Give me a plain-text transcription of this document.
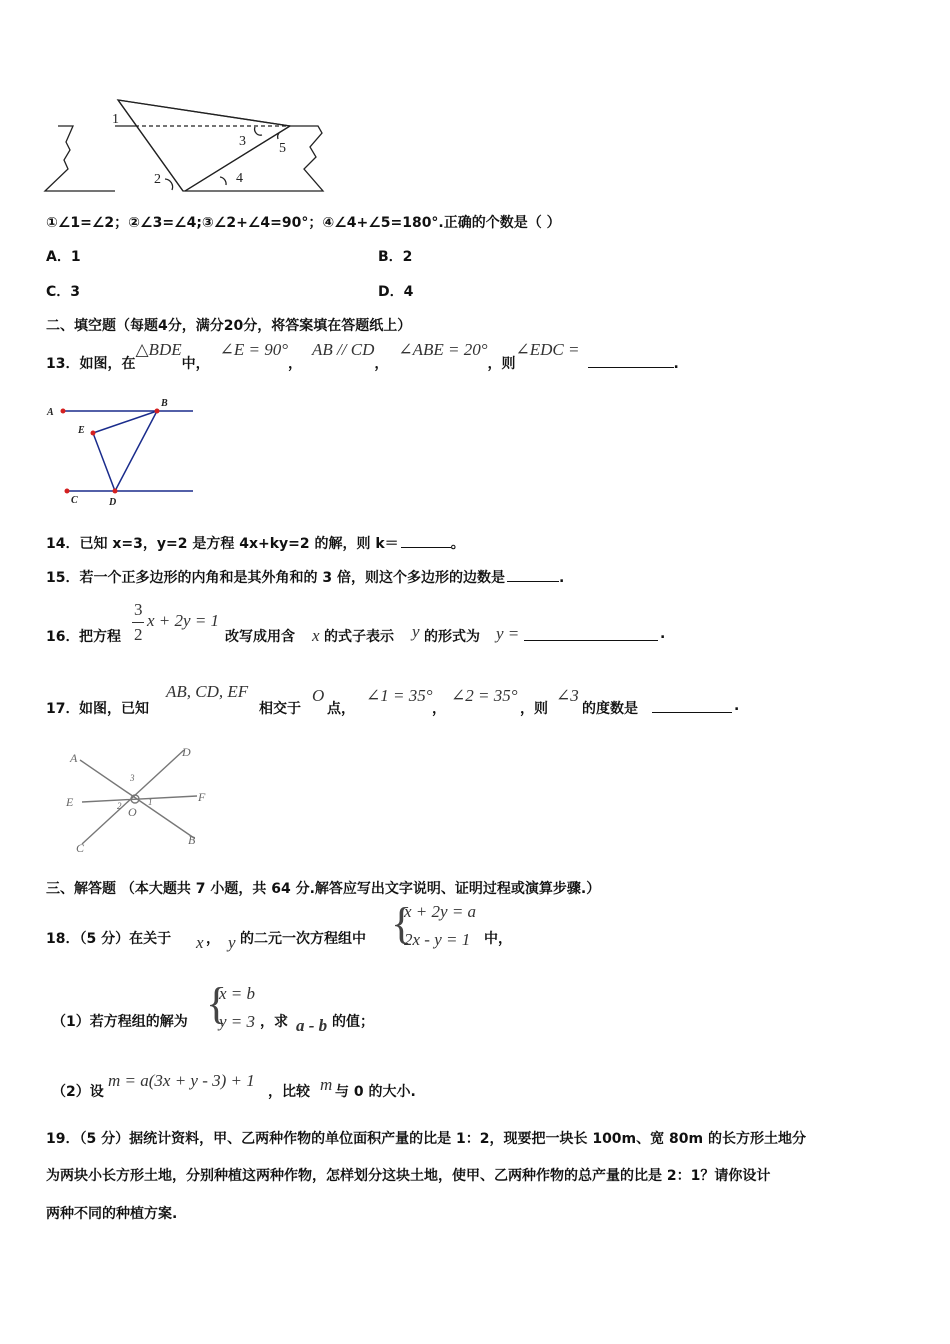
1
2
3
4
5
①∠1=∠2；②∠3=∠4;③∠2+∠4=90°；④∠4+∠5=180°.正确的个数是（ ）
A．1	B．2
C．3	D．4
二、填空题（每题4分，满分20分，将答案填在答题纸上）
13．如图，在△BDE中，∠E = 90°，AB // CD，∠ABE = 20°，则∠EDC =.
A
B
E
C	D
14．已知 x=3，y=2 是方程 4x+ky=2 的解，则 k＝	。
15．若一个正多边形的内角和是其外角和的 3 倍，则这个多边形的边数是	.
16． 把方程
3
2
x + 2y = 1
改写成用含 x 的式子表示 y 的形式为 y =	.
17． 如图，已知
AB, CD, EF
相交于
O
点，
∠1 = 35°
，
∠2 = 35°
，则
∠3
的度数是	.
A	D
3
E	F
2 O
1
C
B
三、解答题 （本大题共 7 小题，共 64 分.解答应写出文字说明、证明过程或演算步骤.）
18．（5 分）在关于 x ， y 的二元一次方程组中 {
x + 2y = a
2x - y = 1 中，
（1）若方程组的解为 {
x = b
y = 3 ，求 a - b 的值；
（2）设
m = a(3x + y - 3) + 1
，比较 m 与 0 的大小.
19．（5 分）据统计资料，甲、乙两种作物的单位面积产量的比是 1：2，现要把一块长 100m、宽 80m 的长方形土地分
为两块小长方形土地，分别种植这两种作物，怎样划分这块土地，使甲、乙两种作物的总产量的比是 2：1？请你设计
两种不同的种植方案.
